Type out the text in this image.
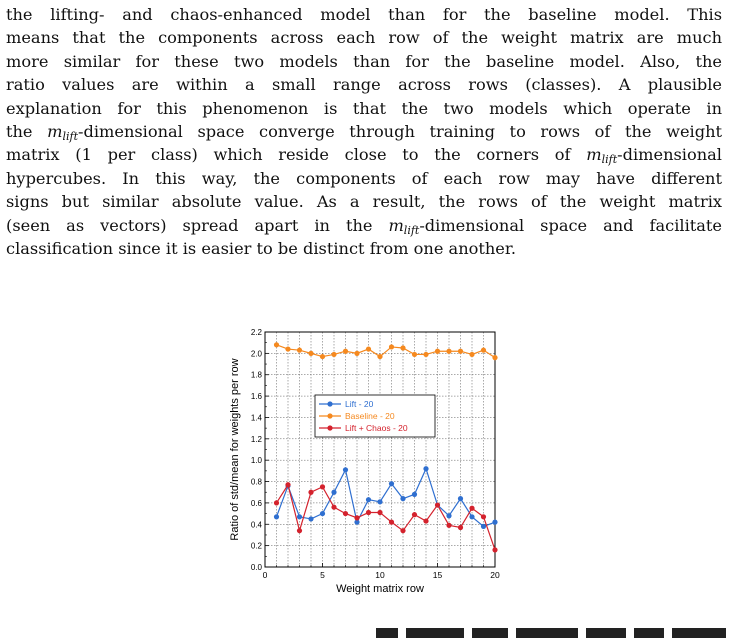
the lifting- and chaos-enhanced model than for the baseline model. This
means that the components across each row of the weight matrix are much
more similar for these two models than for the baseline model. Also, the
ratio values are within a small range across rows (classes). A plausible
explanation for this phenomenon is that the two models which operate in
the $m_{lift}$-dimensional space converge through training to rows of the weight
matrix (1 per class) which reside close to the corners of $m_{lift}$-dimensional
hypercubes. In this way, the components of each row may have different
signs but similar absolute value. As a result, the rows of the weight matrix
(seen as vectors) spread apart in the $m_{lift}$-dimensional space and facilitate
classification since it is easier to be distinct from one another.
0.0
0.2
0.4
0.6
0.8
1.0
1.2
1.4
1.6
1.8
2.0
2.2
0	5	10	15	20
Weight matrix row
Ratio of std/mean for weights per row	Lift - 20
Baseline - 20
Lift + Chaos - 20
